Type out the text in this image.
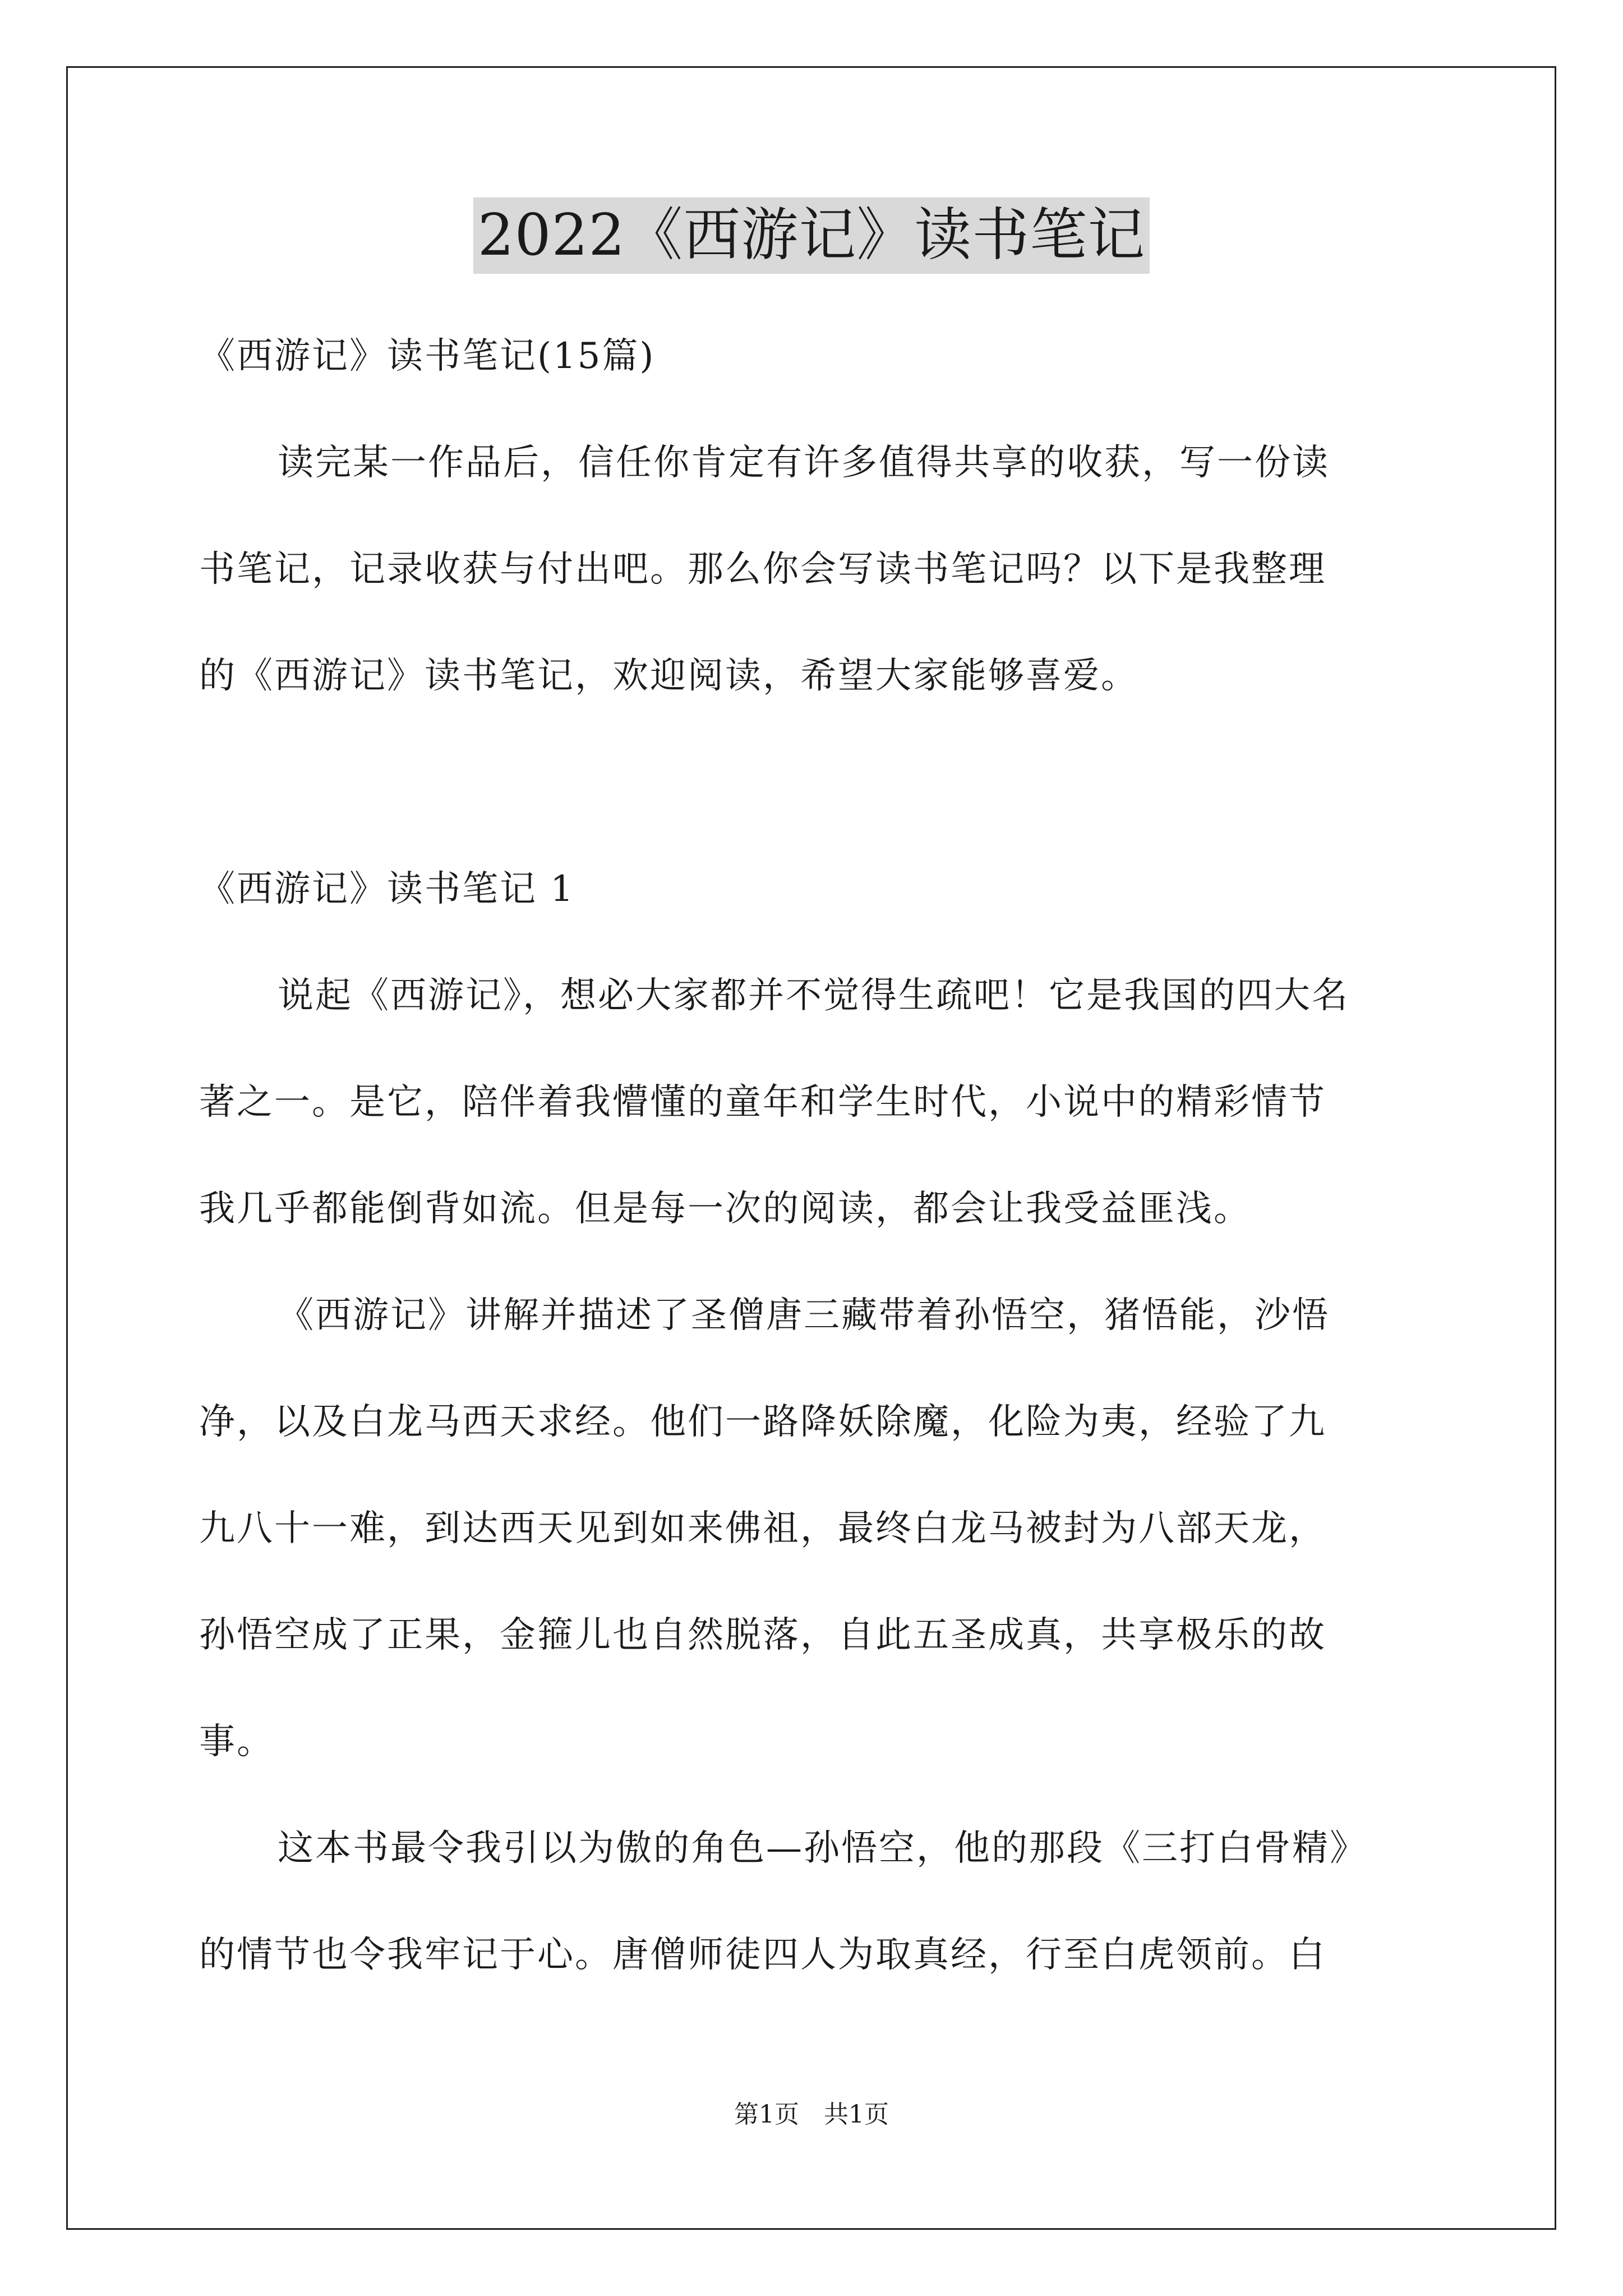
2022《西游记》读书笔记
《西游记》读书笔记(15篇)
读完某一作品后，信任你肯定有许多值得共享的收获，写一份读
书笔记，记录收获与付出吧。那么你会写读书笔记吗？以下是我整理
的《西游记》读书笔记，欢迎阅读，希望大家能够喜爱。
《西游记》读书笔记 1
说起《西游记》，想必大家都并不觉得生疏吧！它是我国的四大名
著之一。是它，陪伴着我懵懂的童年和学生时代，小说中的精彩情节
我几乎都能倒背如流。但是每一次的阅读，都会让我受益匪浅。
《西游记》讲解并描述了圣僧唐三藏带着孙悟空，猪悟能，沙悟
净，以及白龙马西天求经。他们一路降妖除魔，化险为夷，经验了九
九八十一难，到达西天见到如来佛祖，最终白龙马被封为八部天龙，
孙悟空成了正果，金箍儿也自然脱落，自此五圣成真，共享极乐的故
事。
这本书最令我引以为傲的角色—孙悟空，他的那段《三打白骨精》
的情节也令我牢记于心。唐僧师徒四人为取真经，行至白虎领前。白
第1页　共1页
